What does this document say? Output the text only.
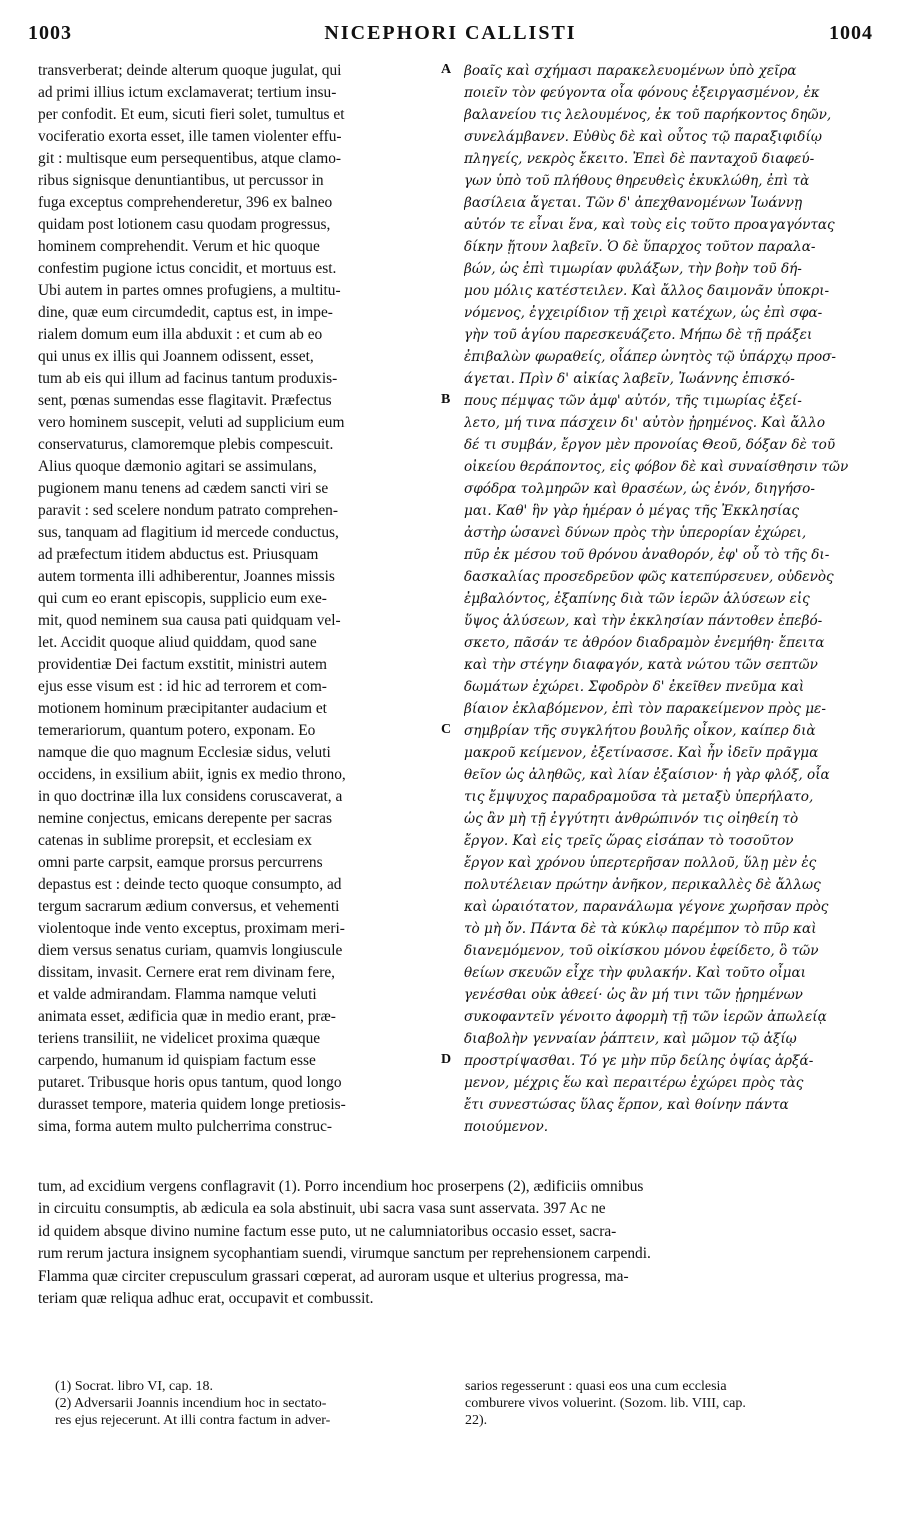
1003	NICEPHORI CALLISTI	1004
transverberat; deinde alterum quoque jugulat, qui
ad primi illius ictum exclamaverat; tertium insu-
per confodit. Et eum, sicuti fieri solet, tumultus et
vociferatio exorta esset, ille tamen violenter effu-
git : multisque eum persequentibus, atque clamo-
ribus signisque denuntiantibus, ut percussor in
fuga exceptus comprehenderetur, 396 ex balneo
quidam post lotionem casu quodam progressus,
hominem comprehendit. Verum et hic quoque
confestim pugione ictus concidit, et mortuus est.
Ubi autem in partes omnes profugiens, a multitu-
dine, quæ eum circumdedit, captus est, in impe-
rialem domum eum illa abduxit : et cum ab eo
qui unus ex illis qui Joannem odissent, esset,
tum ab eis qui illum ad facinus tantum produxis-
sent, pœnas sumendas esse flagitavit. Præfectus
vero hominem suscepit, veluti ad supplicium eum
conservaturus, clamoremque plebis compescuit.
Alius quoque dæmonio agitari se assimulans,
pugionem manu tenens ad cædem sancti viri se
paravit : sed scelere nondum patrato comprehen-
sus, tanquam ad flagitium id mercede conductus,
ad præfectum itidem abductus est. Priusquam
autem tormenta illi adhiberentur, Joannes missis
qui cum eo erant episcopis, supplicio eum exe-
mit, quod neminem sua causa pati quidquam vel-
let. Accidit quoque aliud quiddam, quod sane
providentiæ Dei factum exstitit, ministri autem
ejus esse visum est : id hic ad terrorem et com-
motionem hominum præcipitanter audacium et
temerariorum, quantum potero, exponam. Eo
namque die quo magnum Ecclesiæ sidus, veluti
occidens, in exsilium abiit, ignis ex medio throno,
in quo doctrinæ illa lux considens coruscaverat, a
nemine conjectus, emicans derepente per sacras
catenas in sublime prorepsit, et ecclesiam ex
omni parte carpsit, eamque prorsus percurrens
depastus est : deinde tecto quoque consumpto, ad
tergum sacrarum ædium conversus, et vehementi
violentoque inde vento exceptus, proximam meri-
diem versus senatus curiam, quamvis longiuscule
dissitam, invasit. Cernere erat rem divinam fere,
et valde admirandam. Flamma namque veluti
animata esset, ædificia quæ in medio erant, præ-
teriens transiliit, ne videlicet proxima quæque
carpendo, humanum id quispiam factum esse
putaret. Tribusque horis opus tantum, quod longo
durasset tempore, materia quidem longe pretiosis-
sima, forma autem multo pulcherrima construc-
βοαῖς καὶ σχήμασι παρακελευομένων ὑπὸ χεῖρα
ποιεῖν τὸν φεύγοντα οἷα φόνους ἐξειργασμένον, ἐκ
βαλανείου τις λελουμένος, ἐκ τοῦ παρήκοντος δηῶν,
συνελάμβανεν. Εὐθὺς δὲ καὶ οὗτος τῷ παραξιφιδίῳ
πληγείς, νεκρὸς ἔκειτο. Ἐπεὶ δὲ πανταχοῦ διαφεύ-
γων ὑπὸ τοῦ πλήθους θηρευθεὶς ἐκυκλώθη, ἐπὶ τὰ
βασίλεια ἄγεται. Τῶν δ' ἀπεχθανομένων Ἰωάννῃ
αὐτόν τε εἶναι ἕνα, καὶ τοὺς εἰς τοῦτο προαγαγόντας
δίκην ᾔτουν λαβεῖν. Ὁ δὲ ὕπαρχος τοῦτον παραλα-
βών, ὡς ἐπὶ τιμωρίαν φυλάξων, τὴν βοὴν τοῦ δή-
μου μόλις κατέστειλεν. Καὶ ἄλλος δαιμονᾶν ὑποκρι-
νόμενος, ἐγχειρίδιον τῇ χειρὶ κατέχων, ὡς ἐπὶ σφα-
γὴν τοῦ ἁγίου παρεσκευάζετο. Μήπω δὲ τῇ πράξει
ἐπιβαλὼν φωραθείς, οἷάπερ ὠνητὸς τῷ ὑπάρχῳ προσ-
άγεται. Πρὶν δ' αἰκίας λαβεῖν, Ἰωάννης ἐπισκό-
πους πέμψας τῶν ἀμφ' αὐτόν, τῆς τιμωρίας ἐξεί-
λετο, μή τινα πάσχειν δι' αὐτὸν ᾐρημένος. Καὶ ἄλλο
δέ τι συμβάν, ἔργον μὲν προνοίας Θεοῦ, δόξαν δὲ τοῦ
οἰκείου θεράποντος, εἰς φόβον δὲ καὶ συναίσθησιν τῶν
σφόδρα τολμηρῶν καὶ θρασέων, ὡς ἐνόν, διηγήσο-
μαι. Καθ' ἣν γὰρ ἡμέραν ὁ μέγας τῆς Ἐκκλησίας
ἀστὴρ ὡσανεὶ δύνων πρὸς τὴν ὑπερορίαν ἐχώρει,
πῦρ ἐκ μέσου τοῦ θρόνου ἀναθορόν, ἐφ' οὗ τὸ τῆς δι-
δασκαλίας προσεδρεῦον φῶς κατεπύρσευεν, οὐδενὸς
ἐμβαλόντος, ἐξαπίνης διὰ τῶν ἱερῶν ἁλύσεων εἰς
ὕψος ἁλύσεων, καὶ τὴν ἐκκλησίαν πάντοθεν ἐπεβό-
σκετο, πᾶσάν τε ἀθρόον διαδραμὸν ἐνεμήθη· ἔπειτα
καὶ τὴν στέγην διαφαγόν, κατὰ νώτου τῶν σεπτῶν
δωμάτων ἐχώρει. Σφοδρὸν δ' ἐκεῖθεν πνεῦμα καὶ
βίαιον ἐκλαβόμενον, ἐπὶ τὸν παρακείμενον πρὸς με-
σημβρίαν τῆς συγκλήτου βουλῆς οἶκον, καίπερ διὰ
μακροῦ κείμενον, ἐξετίνασσε. Καὶ ἦν ἰδεῖν πρᾶγμα
θεῖον ὡς ἀληθῶς, καὶ λίαν ἐξαίσιον· ἡ γὰρ φλόξ, οἷα
τις ἔμψυχος παραδραμοῦσα τὰ μεταξὺ ὑπερήλατο,
ὡς ἂν μὴ τῇ ἐγγύτητι ἀνθρώπινόν τις οἰηθείη τὸ
ἔργον. Καὶ εἰς τρεῖς ὥρας εἰσάπαν τὸ τοσοῦτον
ἔργον καὶ χρόνου ὑπερτερῆσαν πολλοῦ, ὕλῃ μὲν ἐς
πολυτέλειαν πρώτην ἀνῆκον, περικαλλὲς δὲ ἄλλως
καὶ ὡραιότατον, παρανάλωμα γέγονε χωρῆσαν πρὸς
τὸ μὴ ὄν. Πάντα δὲ τὰ κύκλῳ παρέμπον τὸ πῦρ καὶ
διανεμόμενον, τοῦ οἰκίσκου μόνου ἐφείδετο, ὃ τῶν
θείων σκευῶν εἶχε τὴν φυλακήν. Καὶ τοῦτο οἶμαι
γενέσθαι οὐκ ἀθεεί· ὡς ἂν μή τινι τῶν ᾐρημένων
συκοφαντεῖν γένοιτο ἀφορμὴ τῇ τῶν ἱερῶν ἀπωλείᾳ
διαβολὴν γενναίαν ῥάπτειν, καὶ μῶμον τῷ ἀξίῳ
προστρίψασθαι. Τό γε μὴν πῦρ δείλης ὀψίας ἀρξά-
μενον, μέχρις ἕω καὶ περαιτέρω ἐχώρει πρὸς τὰς
ἔτι συνεστώσας ὕλας ἕρπον, καὶ θοίνην πάντα
ποιούμενον.
A
B
C
D
tum, ad excidium vergens conflagravit (1). Porro incendium hoc proserpens (2), ædificiis omnibus
in circuitu consumptis, ab ædicula ea sola abstinuit, ubi sacra vasa sunt asservata. 397 Ac ne
id quidem absque divino numine factum esse puto, ut ne calumniatoribus occasio esset, sacra-
rum rerum jactura insignem sycophantiam suendi, virumque sanctum per reprehensionem carpendi.
Flamma quæ circiter crepusculum grassari cœperat, ad auroram usque et ulterius progressa, ma-
teriam quæ reliqua adhuc erat, occupavit et combussit.
(1) Socrat. libro VI, cap. 18.
(2) Adversarii Joannis incendium hoc in sectato-
res ejus rejecerunt. At illi contra factum in adver-
sarios regesserunt : quasi eos una cum ecclesia
comburere vivos voluerint. (Sozom. lib. VIII, cap.
22).
